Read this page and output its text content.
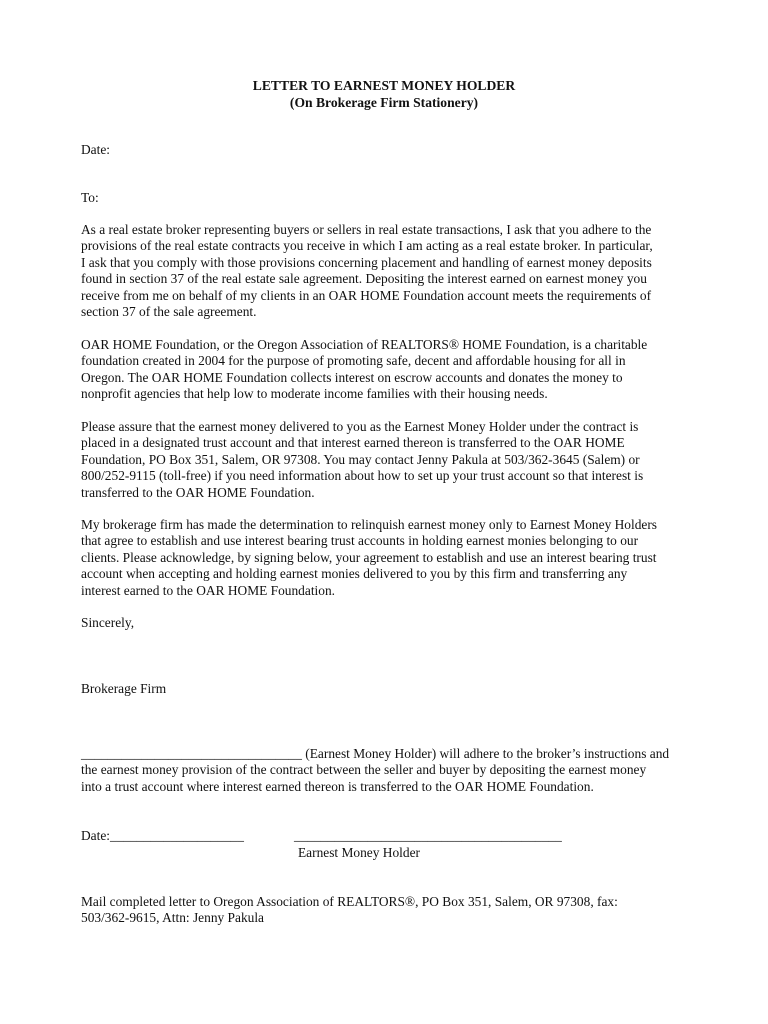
LETTER TO EARNEST MONEY HOLDER
(On Brokerage Firm Stationery)
Date:
To:
As a real estate broker representing buyers or sellers in real estate transactions, I ask that you adhere to the
provisions of the real estate contracts you receive in which I am acting as a real estate broker. In particular,
I ask that you comply with those provisions concerning placement and handling of earnest money deposits
found in section 37 of the real estate sale agreement. Depositing the interest earned on earnest money you
receive from me on behalf of my clients in an OAR HOME Foundation account meets the requirements of
section 37 of the sale agreement.
OAR HOME Foundation, or the Oregon Association of REALTORS® HOME Foundation, is a charitable
foundation created in 2004 for the purpose of promoting safe, decent and affordable housing for all in
Oregon. The OAR HOME Foundation collects interest on escrow accounts and donates the money to
nonprofit agencies that help low to moderate income families with their housing needs.
Please assure that the earnest money delivered to you as the Earnest Money Holder under the contract is
placed in a designated trust account and that interest earned thereon is transferred to the OAR HOME
Foundation, PO Box 351, Salem, OR 97308. You may contact Jenny Pakula at 503/362-3645 (Salem) or
800/252-9115 (toll-free) if you need information about how to set up your trust account so that interest is
transferred to the OAR HOME Foundation.
My brokerage firm has made the determination to relinquish earnest money only to Earnest Money Holders
that agree to establish and use interest bearing trust accounts in holding earnest monies belonging to our
clients. Please acknowledge, by signing below, your agreement to establish and use an interest bearing trust
account when accepting and holding earnest monies delivered to you by this firm and transferring any
interest earned to the OAR HOME Foundation.
Sincerely,
Brokerage Firm
_________________________________ (Earnest Money Holder) will adhere to the broker’s instructions and
the earnest money provision of the contract between the seller and buyer by depositing the earnest money
into a trust account where interest earned thereon is transferred to the OAR HOME Foundation.
Date:____________________	________________________________________
Earnest Money Holder
Mail completed letter to Oregon Association of REALTORS®, PO Box 351, Salem, OR 97308, fax:
503/362-9615, Attn: Jenny Pakula
